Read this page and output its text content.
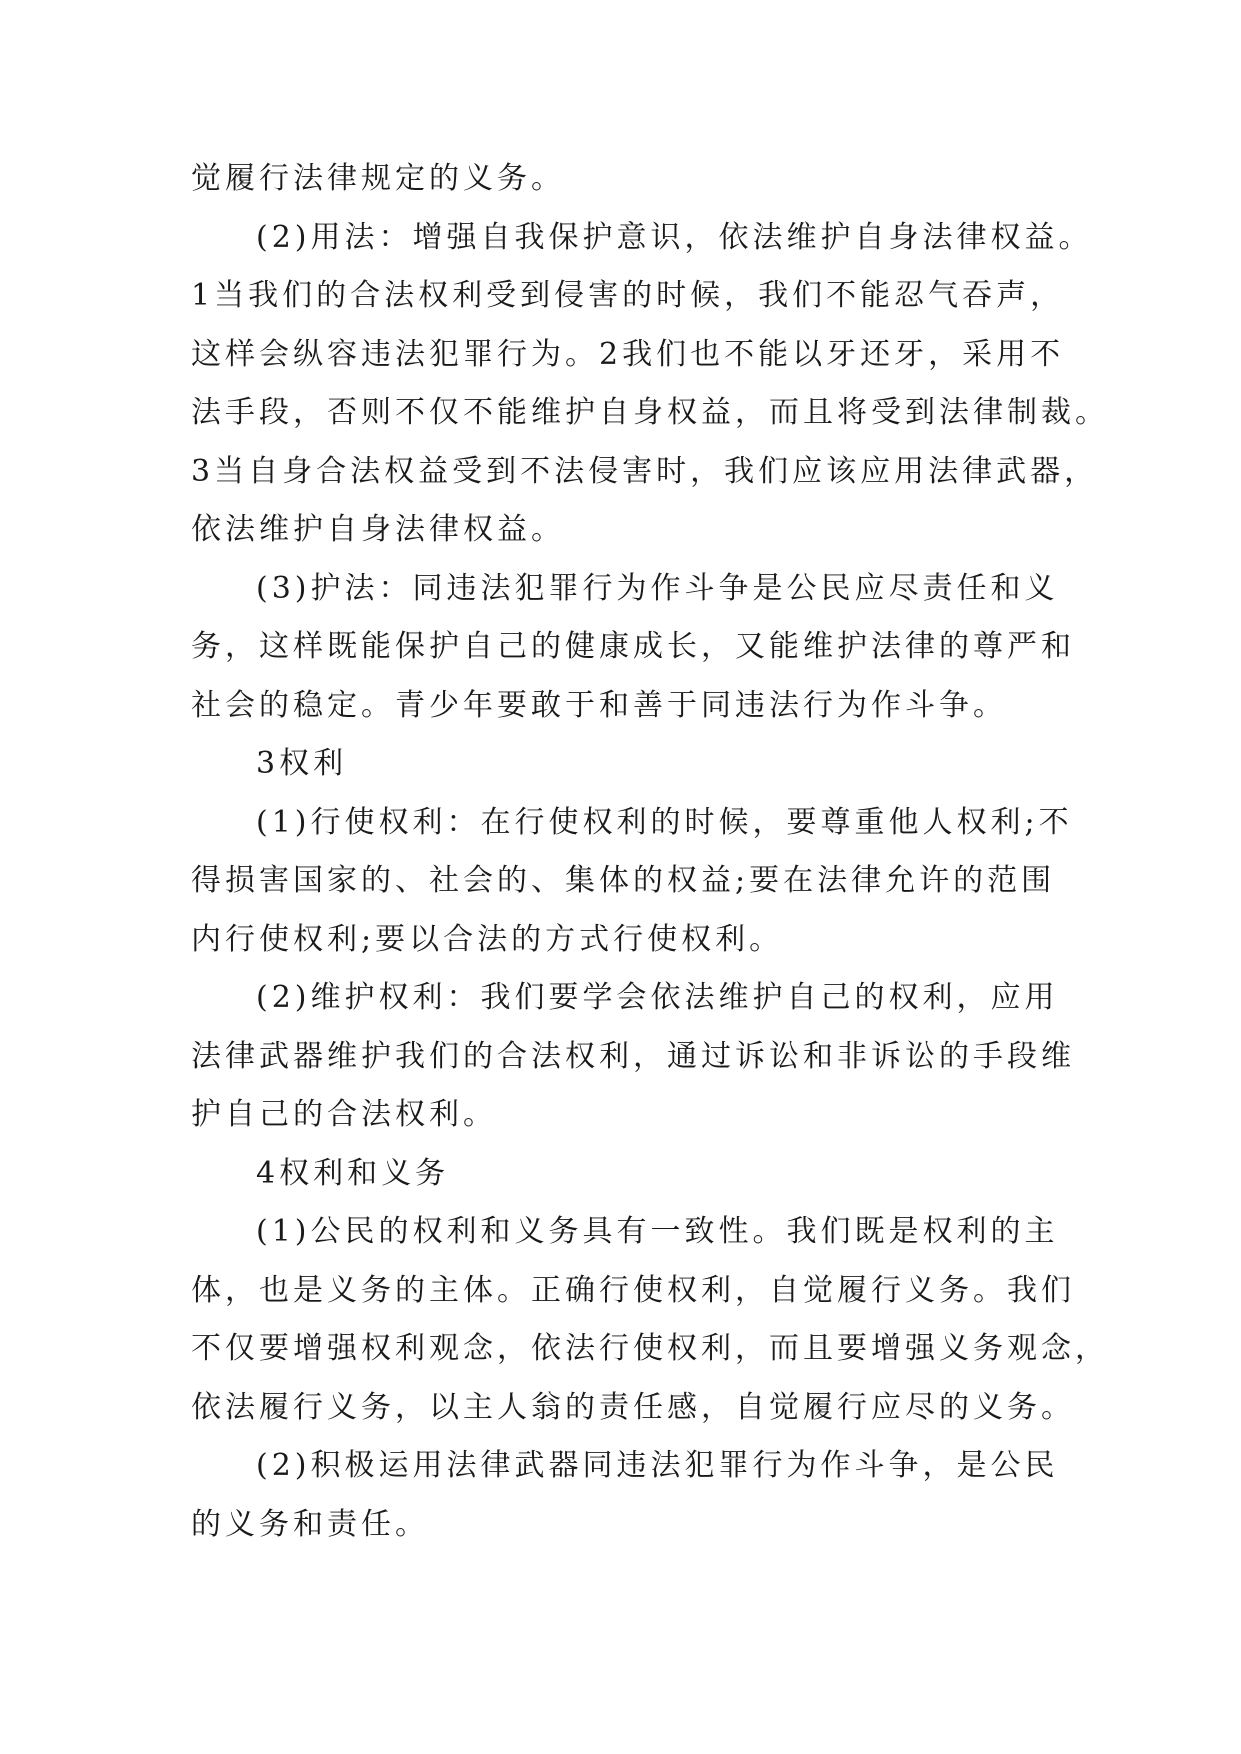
觉履行法律规定的义务。
(2)用法：增强自我保护意识，依法维护自身法律权益。
1当我们的合法权利受到侵害的时候，我们不能忍气吞声，
这样会纵容违法犯罪行为。2我们也不能以牙还牙，采用不
法手段，否则不仅不能维护自身权益，而且将受到法律制裁。
3当自身合法权益受到不法侵害时，我们应该应用法律武器，
依法维护自身法律权益。
(3)护法：同违法犯罪行为作斗争是公民应尽责任和义
务，这样既能保护自己的健康成长，又能维护法律的尊严和
社会的稳定。青少年要敢于和善于同违法行为作斗争。
3权利
(1)行使权利：在行使权利的时候，要尊重他人权利;不
得损害国家的、社会的、集体的权益;要在法律允许的范围
内行使权利;要以合法的方式行使权利。
(2)维护权利：我们要学会依法维护自己的权利，应用
法律武器维护我们的合法权利，通过诉讼和非诉讼的手段维
护自己的合法权利。
4权利和义务
(1)公民的权利和义务具有一致性。我们既是权利的主
体，也是义务的主体。正确行使权利，自觉履行义务。我们
不仅要增强权利观念，依法行使权利，而且要增强义务观念，
依法履行义务，以主人翁的责任感，自觉履行应尽的义务。
(2)积极运用法律武器同违法犯罪行为作斗争，是公民
的义务和责任。
